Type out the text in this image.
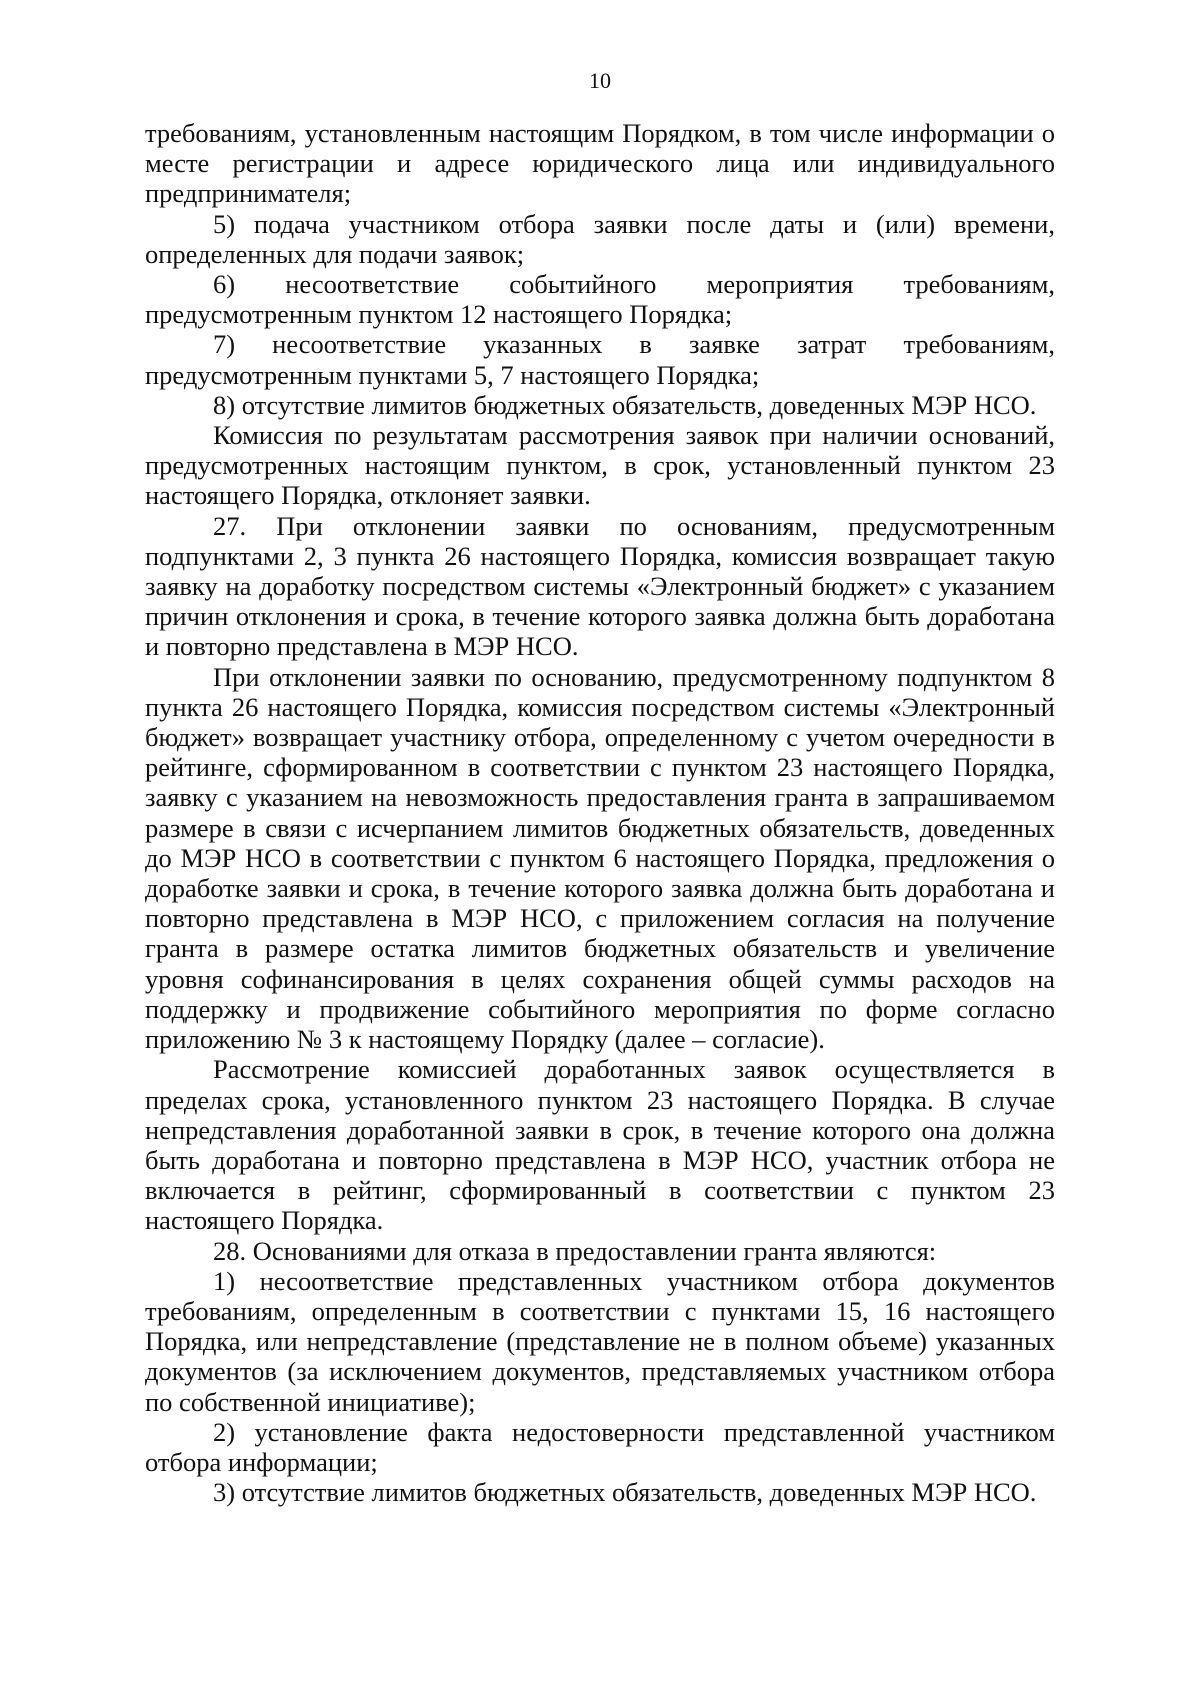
10

требованиям, установленным настоящим Порядком, в том числе информации о месте регистрации и адресе юридического лица или индивидуального предпринимателя;

5) подача участником отбора заявки после даты и (или) времени, определенных для подачи заявок;

6) несоответствие событийного мероприятия требованиям, предусмотренным пунктом 12 настоящего Порядка;

7) несоответствие указанных в заявке затрат требованиям, предусмотренным пунктами 5, 7 настоящего Порядка;

8) отсутствие лимитов бюджетных обязательств, доведенных МЭР НСО.

Комиссия по результатам рассмотрения заявок при наличии оснований, предусмотренных настоящим пунктом, в срок, установленный пунктом 23 настоящего Порядка, отклоняет заявки.

27. При отклонении заявки по основаниям, предусмотренным подпунктами 2, 3 пункта 26 настоящего Порядка, комиссия возвращает такую заявку на доработку посредством системы «Электронный бюджет» с указанием причин отклонения и срока, в течение которого заявка должна быть доработана и повторно представлена в МЭР НСО.

При отклонении заявки по основанию, предусмотренному подпунктом 8 пункта 26 настоящего Порядка, комиссия посредством системы «Электронный бюджет» возвращает участнику отбора, определенному с учетом очередности в рейтинге, сформированном в соответствии с пунктом 23 настоящего Порядка, заявку с указанием на невозможность предоставления гранта в запрашиваемом размере в связи с исчерпанием лимитов бюджетных обязательств, доведенных до МЭР НСО в соответствии с пунктом 6 настоящего Порядка, предложения о доработке заявки и срока, в течение которого заявка должна быть доработана и повторно представлена в МЭР НСО, с приложением согласия на получение гранта в размере остатка лимитов бюджетных обязательств и увеличение уровня софинансирования в целях сохранения общей суммы расходов на поддержку и продвижение событийного мероприятия по форме согласно приложению № 3 к настоящему Порядку (далее – согласие).

Рассмотрение комиссией доработанных заявок осуществляется в пределах срока, установленного пунктом 23 настоящего Порядка. В случае непредставления доработанной заявки в срок, в течение которого она должна быть доработана и повторно представлена в МЭР НСО, участник отбора не включается в рейтинг, сформированный в соответствии с пунктом 23 настоящего Порядка.

28. Основаниями для отказа в предоставлении гранта являются:

1) несоответствие представленных участником отбора документов требованиям, определенным в соответствии с пунктами 15, 16 настоящего Порядка, или непредставление (представление не в полном объеме) указанных документов (за исключением документов, представляемых участником отбора по собственной инициативе);

2) установление факта недостоверности представленной участником отбора информации;

3) отсутствие лимитов бюджетных обязательств, доведенных МЭР НСО.
